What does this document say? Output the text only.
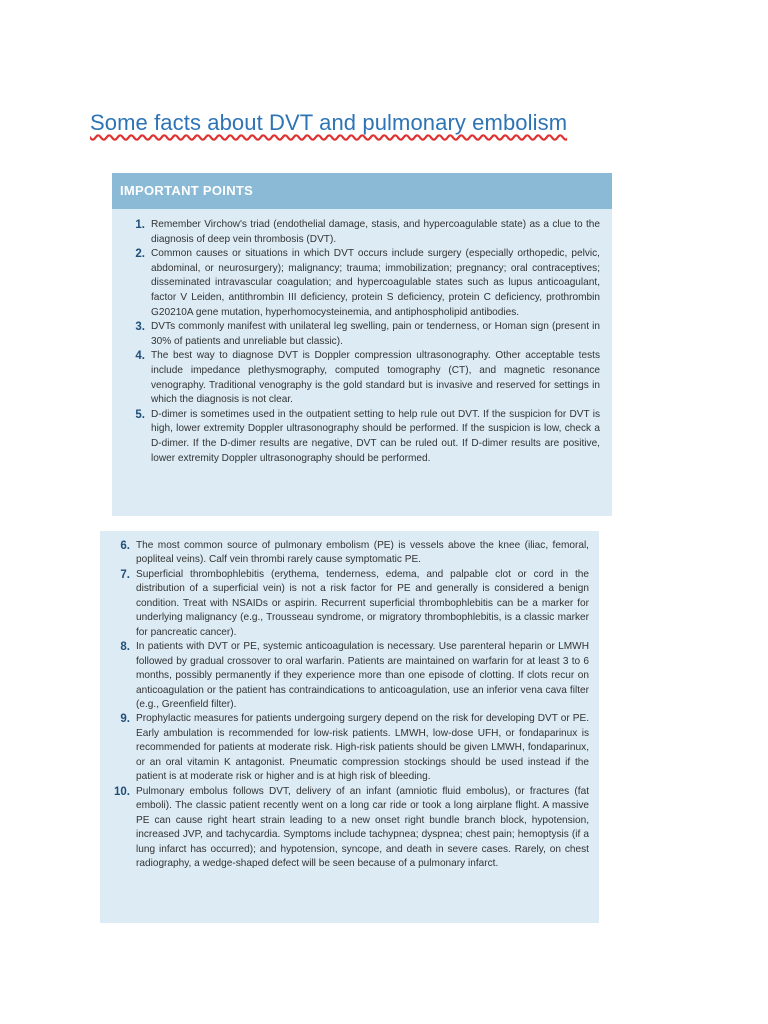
Some facts about DVT and pulmonary embolism
IMPORTANT POINTS
1. Remember Virchow's triad (endothelial damage, stasis, and hypercoagulable state) as a clue to the diagnosis of deep vein thrombosis (DVT).
2. Common causes or situations in which DVT occurs include surgery (especially orthopedic, pelvic, abdominal, or neurosurgery); malignancy; trauma; immobilization; pregnancy; oral contraceptives; disseminated intravascular coagulation; and hypercoagulable states such as lupus anticoagulant, factor V Leiden, antithrombin III deficiency, protein S deficiency, protein C deficiency, prothrombin G20210A gene mutation, hyperhomocysteinemia, and antiphospholipid antibodies.
3. DVTs commonly manifest with unilateral leg swelling, pain or tenderness, or Homan sign (present in 30% of patients and unreliable but classic).
4. The best way to diagnose DVT is Doppler compression ultrasonography. Other acceptable tests include impedance plethysmography, computed tomography (CT), and magnetic resonance venography. Traditional venography is the gold standard but is invasive and reserved for settings in which the diagnosis is not clear.
5. D-dimer is sometimes used in the outpatient setting to help rule out DVT. If the suspicion for DVT is high, lower extremity Doppler ultrasonography should be performed. If the suspicion is low, check a D-dimer. If the D-dimer results are negative, DVT can be ruled out. If D-dimer results are positive, lower extremity Doppler ultrasonography should be performed.
6. The most common source of pulmonary embolism (PE) is vessels above the knee (iliac, femoral, popliteal veins). Calf vein thrombi rarely cause symptomatic PE.
7. Superficial thrombophlebitis (erythema, tenderness, edema, and palpable clot or cord in the distribution of a superficial vein) is not a risk factor for PE and generally is considered a benign condition. Treat with NSAIDs or aspirin. Recurrent superficial thrombophlebitis can be a marker for underlying malignancy (e.g., Trousseau syndrome, or migratory thrombophlebitis, is a classic marker for pancreatic cancer).
8. In patients with DVT or PE, systemic anticoagulation is necessary. Use parenteral heparin or LMWH followed by gradual crossover to oral warfarin. Patients are maintained on warfarin for at least 3 to 6 months, possibly permanently if they experience more than one episode of clotting. If clots recur on anticoagulation or the patient has contraindications to anticoagulation, use an inferior vena cava filter (e.g., Greenfield filter).
9. Prophylactic measures for patients undergoing surgery depend on the risk for developing DVT or PE. Early ambulation is recommended for low-risk patients. LMWH, low-dose UFH, or fondaparinux is recommended for patients at moderate risk. High-risk patients should be given LMWH, fondaparinux, or an oral vitamin K antagonist. Pneumatic compression stockings should be used instead if the patient is at moderate risk or higher and is at high risk of bleeding.
10. Pulmonary embolus follows DVT, delivery of an infant (amniotic fluid embolus), or fractures (fat emboli). The classic patient recently went on a long car ride or took a long airplane flight. A massive PE can cause right heart strain leading to a new onset right bundle branch block, hypotension, increased JVP, and tachycardia. Symptoms include tachypnea; dyspnea; chest pain; hemoptysis (if a lung infarct has occurred); and hypotension, syncope, and death in severe cases. Rarely, on chest radiography, a wedge-shaped defect will be seen because of a pulmonary infarct.
